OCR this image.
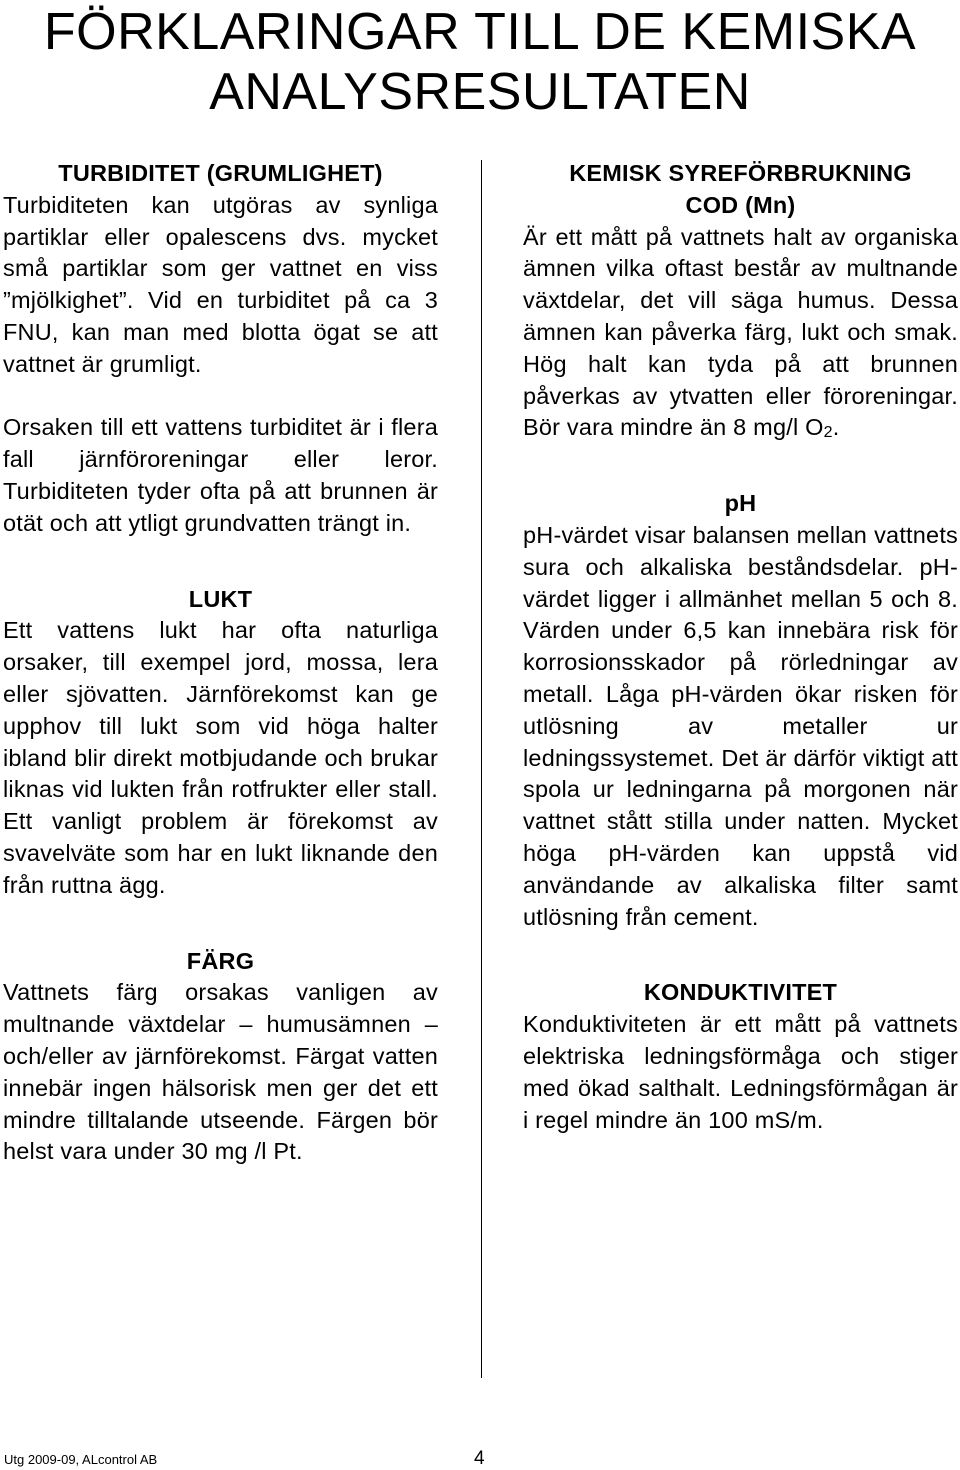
FÖRKLARINGAR TILL DE KEMISKA
ANALYSRESULTATEN

TURBIDITET (GRUMLIGHET)

Turbiditeten kan utgöras av synliga partiklar eller opalescens dvs. mycket små partiklar som ger vattnet en viss ”mjölkighet”. Vid en turbiditet på ca 3 FNU, kan man med blotta ögat se att vattnet är grumligt.

Orsaken till ett vattens turbiditet är i flera fall järnföroreningar eller leror. Turbiditeten tyder ofta på att brunnen är otät och att ytligt grundvatten trängt in.

LUKT

Ett vattens lukt har ofta naturliga orsaker, till exempel jord, mossa, lera eller sjövatten. Järnförekomst kan ge upphov till lukt som vid höga halter ibland blir direkt motbjudande och brukar liknas vid lukten från rotfrukter eller stall. Ett vanligt problem är förekomst av svavelväte som har en lukt liknande den från ruttna ägg.

FÄRG

Vattnets färg orsakas vanligen av multnande växtdelar – humusämnen – och/eller av järnförekomst. Färgat vatten innebär ingen hälsorisk men ger det ett mindre tilltalande utseende. Färgen bör helst vara under 30 mg /l Pt.

KEMISK SYREFÖRBRUKNING
COD (Mn)

Är ett mått på vattnets halt av organiska ämnen vilka oftast består av multnande växtdelar, det vill säga humus. Dessa ämnen kan påverka färg, lukt och smak. Hög halt kan tyda på att brunnen påverkas av ytvatten eller föroreningar. Bör vara mindre än 8 mg/l $O_2$.

pH

pH-värdet visar balansen mellan vattnets sura och alkaliska beståndsdelar. pH-värdet ligger i allmänhet mellan 5 och 8. Värden under 6,5 kan innebära risk för korrosionsskador på rörledningar av metall. Låga pH-värden ökar risken för utlösning av metaller ur ledningssystemet. Det är därför viktigt att spola ur ledningarna på morgonen när vattnet stått stilla under natten. Mycket höga pH-värden kan uppstå vid användande av alkaliska filter samt utlösning från cement.

KONDUKTIVITET

Konduktiviteten är ett mått på vattnets elektriska ledningsförmåga och stiger med ökad salthalt. Ledningsförmågan är i regel mindre än 100 mS/m.

Utg 2009-09, ALcontrol AB	4
